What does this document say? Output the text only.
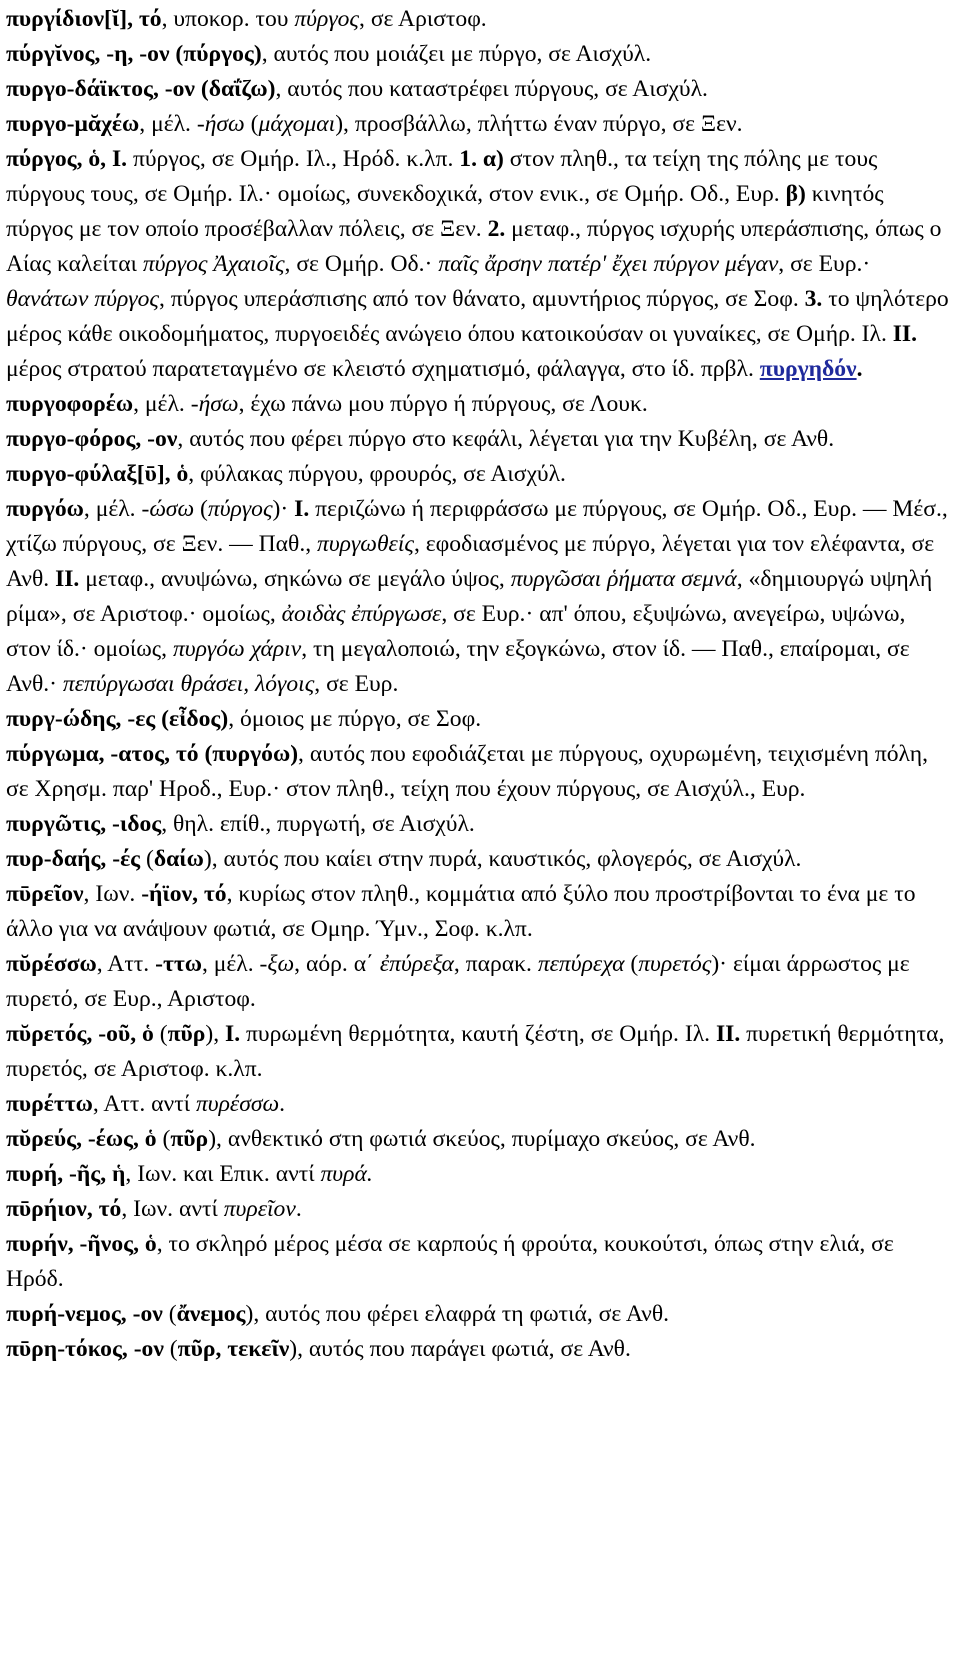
πυργίδιον[ῐ], τό, υποκορ. του πύργος, σε Αριστοφ.

πύργῐνος, -η, -ον (πύργος), αυτός που μοιάζει με πύργο, σε Αισχύλ.

πυργο-δάϊκτος, -ον (δαΐζω), αυτός που καταστρέφει πύργους, σε Αισχύλ.

πυργο-μᾰχέω, μέλ. -ήσω (μάχομαι), προσβάλλω, πλήττω έναν πύργο, σε Ξεν.

πύργος, ὁ, Ι. πύργος, σε Ομήρ. Ιλ., Ηρόδ. κ.λπ. 1. α) στον πληθ., τα τείχη της πόλης με τους πύργους τους, σε Ομήρ. Ιλ.· ομοίως, συνεκδοχικά, στον ενικ., σε Ομήρ. Οδ., Ευρ. β) κινητός πύργος με τον οποίο προσέβαλλαν πόλεις, σε Ξεν. 2. μεταφ., πύργος ισχυρής υπεράσπισης, όπως ο Αίας καλείται πύργος Ἀχαιοῖς, σε Ομήρ. Οδ.· παῖς ἄρσην πατέρ' ἔχει πύργον μέγαν, σε Ευρ.· θανάτων πύργος, πύργος υπεράσπισης από τον θάνατο, αμυντήριος πύργος, σε Σοφ. 3. το ψηλότερο μέρος κάθε οικοδομήματος, πυργοειδές ανώγειο όπου κατοικούσαν οι γυναίκες, σε Ομήρ. Ιλ. II. μέρος στρατού παρατεταγμένο σε κλειστό σχηματισμό, φάλαγγα, στο ίδ. πρβλ. πυργηδόν.

πυργοφορέω, μέλ. -ήσω, έχω πάνω μου πύργο ή πύργους, σε Λουκ.

πυργο-φόρος, -ον, αυτός που φέρει πύργο στο κεφάλι, λέγεται για την Κυβέλη, σε Ανθ.

πυργο-φύλαξ[ῡ], ὁ, φύλακας πύργου, φρουρός, σε Αισχύλ.

πυργόω, μέλ. -ώσω (πύργος)· Ι. περιζώνω ή περιφράσσω με πύργους, σε Ομήρ. Οδ., Ευρ. — Μέσ., χτίζω πύργους, σε Ξεν. — Παθ., πυργωθείς, εφοδιασμένος με πύργο, λέγεται για τον ελέφαντα, σε Ανθ. II. μεταφ., ανυψώνω, σηκώνω σε μεγάλο ύψος, πυργῶσαι ῥήματα σεμνά, «δημιουργώ υψηλή ρίμα», σε Αριστοφ.· ομοίως, ἀοιδὰς ἐπύργωσε, σε Ευρ.· απ' όπου, εξυψώνω, ανεγείρω, υψώνω, στον ίδ.· ομοίως, πυργόω χάριν, τη μεγαλοποιώ, την εξογκώνω, στον ίδ. — Παθ., επαίρομαι, σε Ανθ.· πεπύργωσαι θράσει, λόγοις, σε Ευρ.

πυργ-ώδης, -ες (εἶδος), όμοιος με πύργο, σε Σοφ.

πύργωμα, -ατος, τό (πυργόω), αυτός που εφοδιάζεται με πύργους, οχυρωμένη, τειχισμένη πόλη, σε Χρησμ. παρ' Ηροδ., Ευρ.· στον πληθ., τείχη που έχουν πύργους, σε Αισχύλ., Ευρ.

πυργῶτις, -ιδος, θηλ. επίθ., πυργωτή, σε Αισχύλ.

πυρ-δαής, -ές (δαίω), αυτός που καίει στην πυρά, καυστικός, φλογερός, σε Αισχύλ.

πῡρεῖον, Ιων. -ήϊον, τό, κυρίως στον πληθ., κομμάτια από ξύλο που προστρίβονται το ένα με το άλλο για να ανάψουν φωτιά, σε Ομηρ. Ύμν., Σοφ. κ.λπ.

πῠρέσσω, Αττ. -ττω, μέλ. -ξω, αόρ. α΄ ἐπύρεξα, παρακ. πεπύρεχα (πυρετός)· είμαι άρρωστος με πυρετό, σε Ευρ., Αριστοφ.

πῠρετός, -οῦ, ὁ (πῦρ), Ι. πυρωμένη θερμότητα, καυτή ζέστη, σε Ομήρ. Ιλ. II. πυρετική θερμότητα, πυρετός, σε Αριστοφ. κ.λπ.

πυρέττω, Αττ. αντί πυρέσσω.

πῠρεύς, -έως, ὁ (πῦρ), ανθεκτικό στη φωτιά σκεύος, πυρίμαχο σκεύος, σε Ανθ.

πυρή, -ῆς, ἡ, Ιων. και Επικ. αντί πυρά.

πῡρήιον, τό, Ιων. αντί πυρεῖον.

πυρήν, -ῆνος, ὁ, το σκληρό μέρος μέσα σε καρπούς ή φρούτα, κουκούτσι, όπως στην ελιά, σε Ηρόδ.

πυρή-νεμος, -ον (ἄνεμος), αυτός που φέρει ελαφρά τη φωτιά, σε Ανθ.

πῡρη-τόκος, -ον (πῦρ, τεκεῖν), αυτός που παράγει φωτιά, σε Ανθ.
